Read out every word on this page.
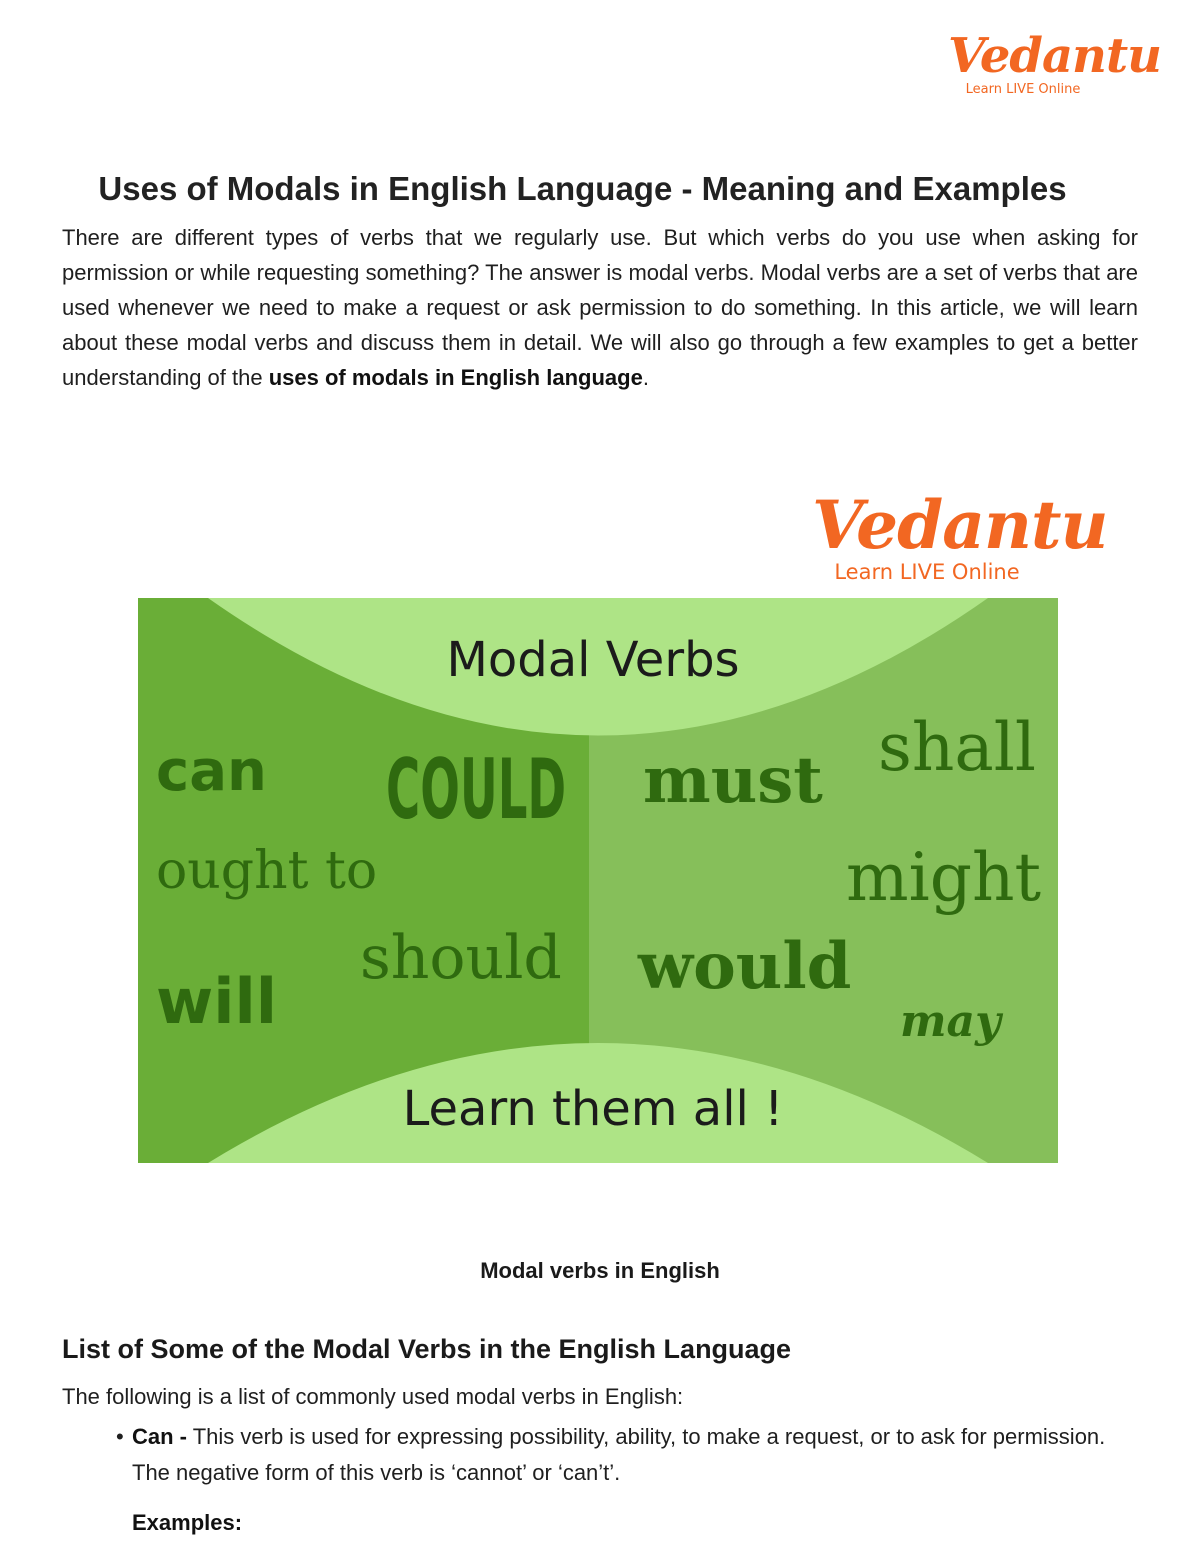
Vedantu
Learn LIVE Online
Uses of Modals in English Language - Meaning and Examples

There are different types of verbs that we regularly use. But which verbs do you use when asking for permission or while requesting something? The answer is modal verbs. Modal verbs are a set of verbs that are used whenever we need to make a request or ask permission to do something. In this article, we will learn about these modal verbs and discuss them in detail. We will also go through a few examples to get a better understanding of the uses of modals in English language.

Vedantu
Learn LIVE Online
Modal Verbs
Learn them all !
can COULD must shall
ought to	might
should would
will	may
Modal verbs in English
List of Some of the Modal Verbs in the English Language

The following is a list of commonly used modal verbs in English:

• Can - This verb is used for expressing possibility, ability, to make a request, or to ask for permission. The negative form of this verb is ‘cannot’ or ‘can’t’.

Examples:
